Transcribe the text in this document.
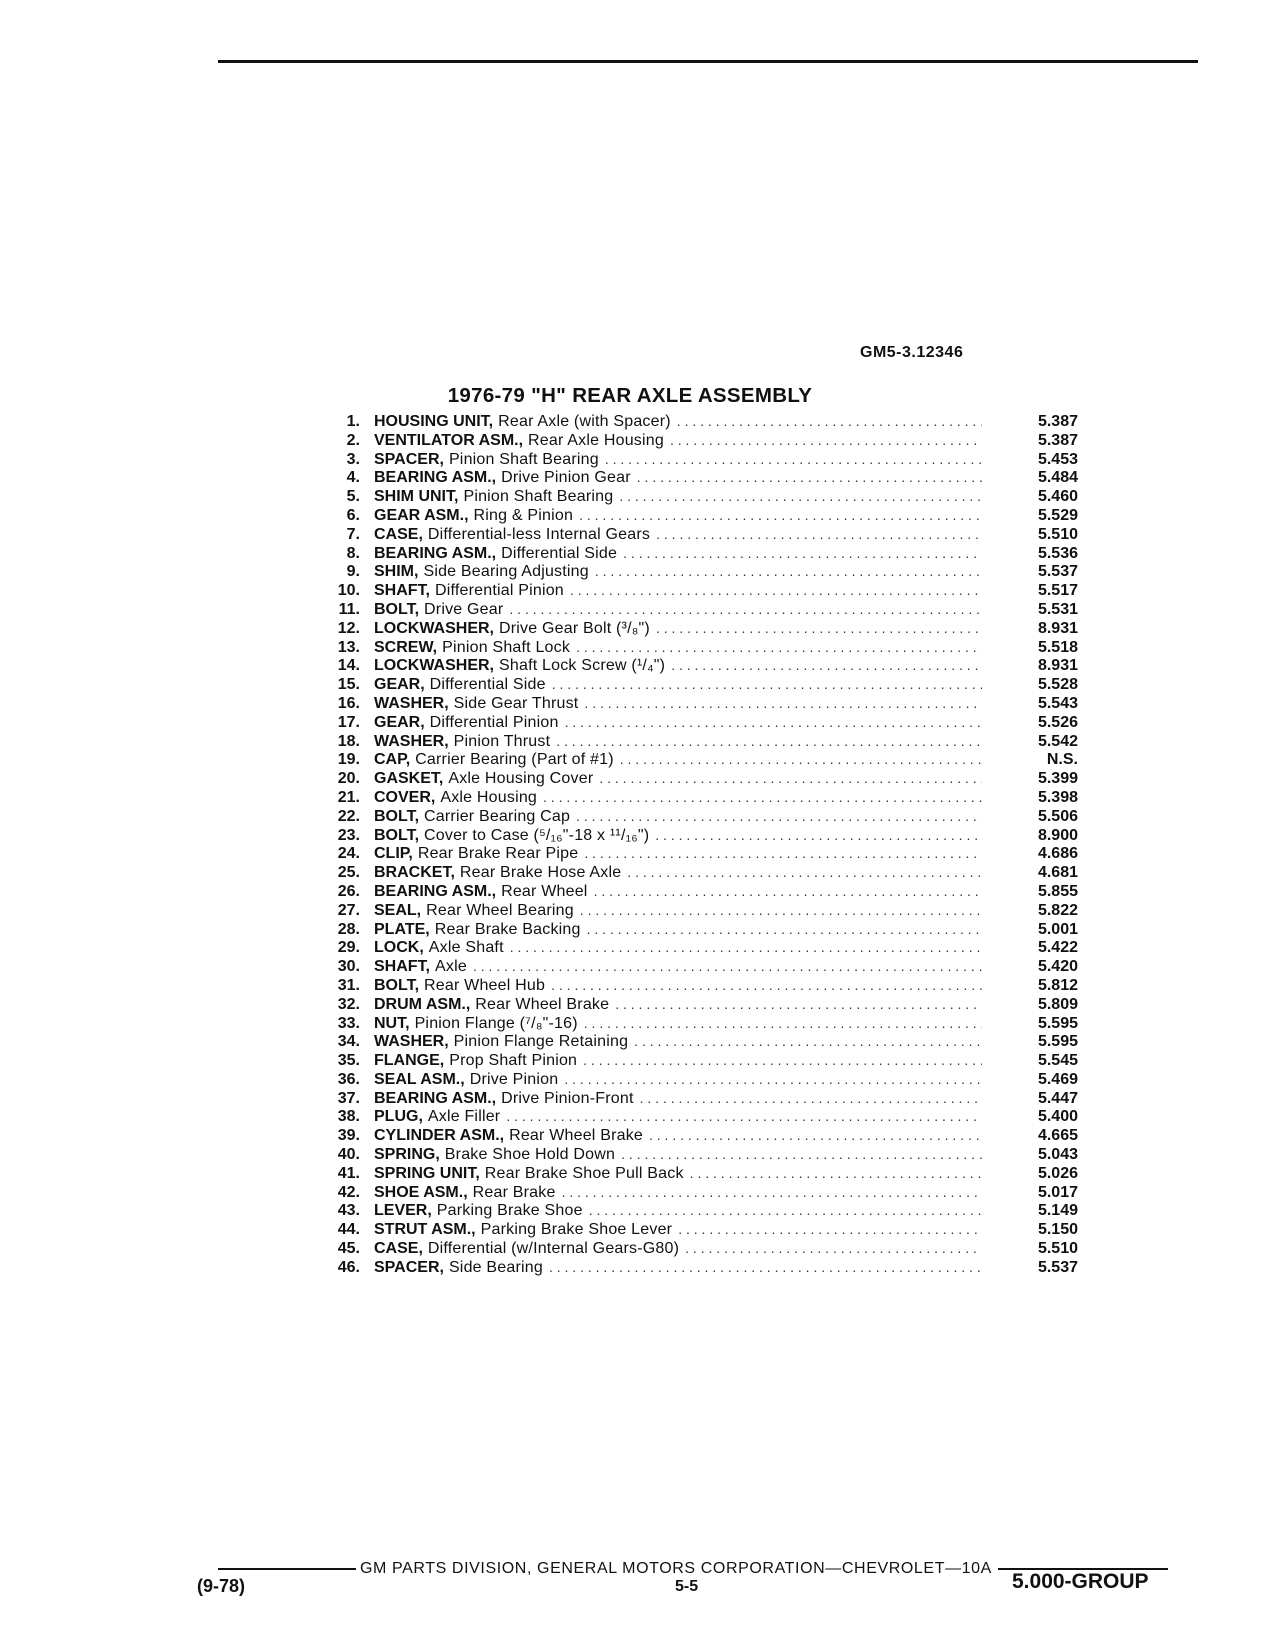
GM5-3.12346
1976-79 "H" REAR AXLE ASSEMBLY
1. HOUSING UNIT, Rear Axle (with Spacer) . . .	5.387
2. VENTILATOR ASM., Rear Axle Housing . . .	5.387
3. SPACER, Pinion Shaft Bearing . . .	5.453
4. BEARING ASM., Drive Pinion Gear . . .	5.484
5. SHIM UNIT, Pinion Shaft Bearing . . .	5.460
6. GEAR ASM., Ring & Pinion . . .	5.529
7. CASE, Differential-less Internal Gears . . .	5.510
8. BEARING ASM., Differential Side . . .	5.536
9. SHIM, Side Bearing Adjusting . . .	5.537
10. SHAFT, Differential Pinion . . .	5.517
11. BOLT, Drive Gear . . .	5.531
12. LOCKWASHER, Drive Gear Bolt (³/₈") . . .	8.931
13. SCREW, Pinion Shaft Lock . . .	5.518
14. LOCKWASHER, Shaft Lock Screw (¹/₄") . . .	8.931
15. GEAR, Differential Side . . .	5.528
16. WASHER, Side Gear Thrust . . .	5.543
17. GEAR, Differential Pinion . . .	5.526
18. WASHER, Pinion Thrust . . .	5.542
19. CAP, Carrier Bearing (Part of #1) . . .	N.S.
20. GASKET, Axle Housing Cover . . .	5.399
21. COVER, Axle Housing . . .	5.398
22. BOLT, Carrier Bearing Cap . . .	5.506
23. BOLT, Cover to Case (⁵/₁₆"-18 x ¹¹/₁₆") . . .	8.900
24. CLIP, Rear Brake Rear Pipe . . .	4.686
25. BRACKET, Rear Brake Hose Axle . . .	4.681
26. BEARING ASM., Rear Wheel . . .	5.855
27. SEAL, Rear Wheel Bearing . . .	5.822
28. PLATE, Rear Brake Backing . . .	5.001
29. LOCK, Axle Shaft . . .	5.422
30. SHAFT, Axle . . .	5.420
31. BOLT, Rear Wheel Hub . . .	5.812
32. DRUM ASM., Rear Wheel Brake . . .	5.809
33. NUT, Pinion Flange (⁷/₈"-16) . . .	5.595
34. WASHER, Pinion Flange Retaining . . .	5.595
35. FLANGE, Prop Shaft Pinion . . .	5.545
36. SEAL ASM., Drive Pinion . . .	5.469
37. BEARING ASM., Drive Pinion-Front . . .	5.447
38. PLUG, Axle Filler . . .	5.400
39. CYLINDER ASM., Rear Wheel Brake . . .	4.665
40. SPRING, Brake Shoe Hold Down . . .	5.043
41. SPRING UNIT, Rear Brake Shoe Pull Back . . .	5.026
42. SHOE ASM., Rear Brake . . .	5.017
43. LEVER, Parking Brake Shoe . . .	5.149
44. STRUT ASM., Parking Brake Shoe Lever . . .	5.150
45. CASE, Differential (w/Internal Gears-G80) . . .	5.510
46. SPACER, Side Bearing . . .	5.537
GM PARTS DIVISION, GENERAL MOTORS CORPORATION—CHEVROLET—10A
(9-78)	5-5	5.000-GROUP
